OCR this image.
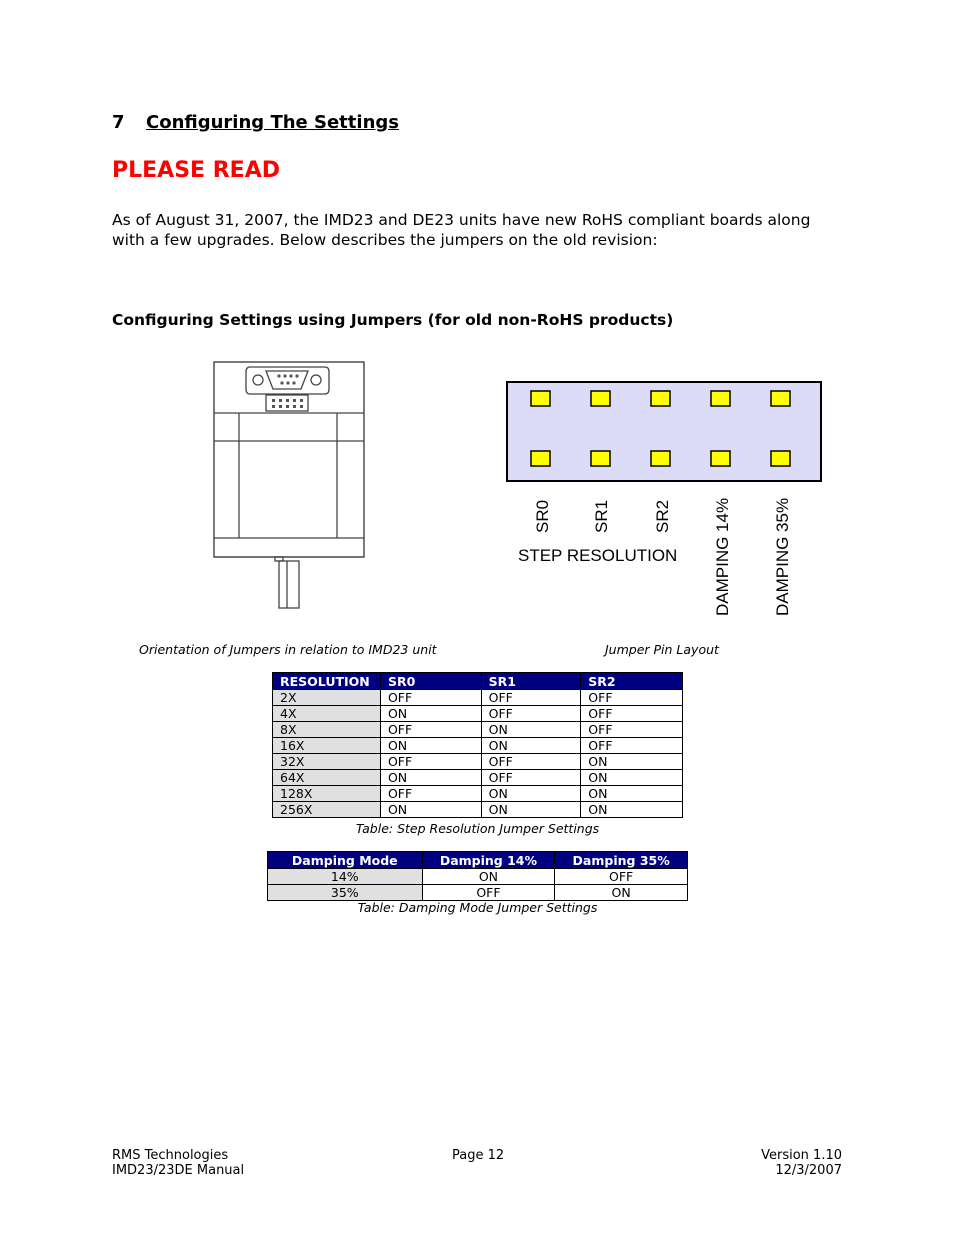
7 Configuring The Settings
PLEASE READ
As of August 31, 2007, the IMD23 and DE23 units have new RoHS compliant boards along
with a few upgrades. Below describes the jumpers on the old revision:
Configuring Settings using Jumpers (for old non-RoHS products)
SR0 SR1 SR2 DAMPING 14% DAMPING 35%
STEP RESOLUTION
Orientation of Jumpers in relation to IMD23 unit	Jumper Pin Layout
RESOLUTION	SR0	SR1	SR2
2X	OFF	OFF	OFF
4X	ON	OFF	OFF
8X	OFF	ON	OFF
16X	ON	ON	OFF
32X	OFF	OFF	ON
64X	ON	OFF	ON
128X	OFF	ON	ON
256X	ON	ON	ON
Table: Step Resolution Jumper Settings
Damping Mode	Damping 14%	Damping 35%
14%	ON	OFF
35%	OFF	ON
Table: Damping Mode Jumper Settings
RMS Technologies
IMD23/23DE Manual
Page 12	Version 1.10
12/3/2007
